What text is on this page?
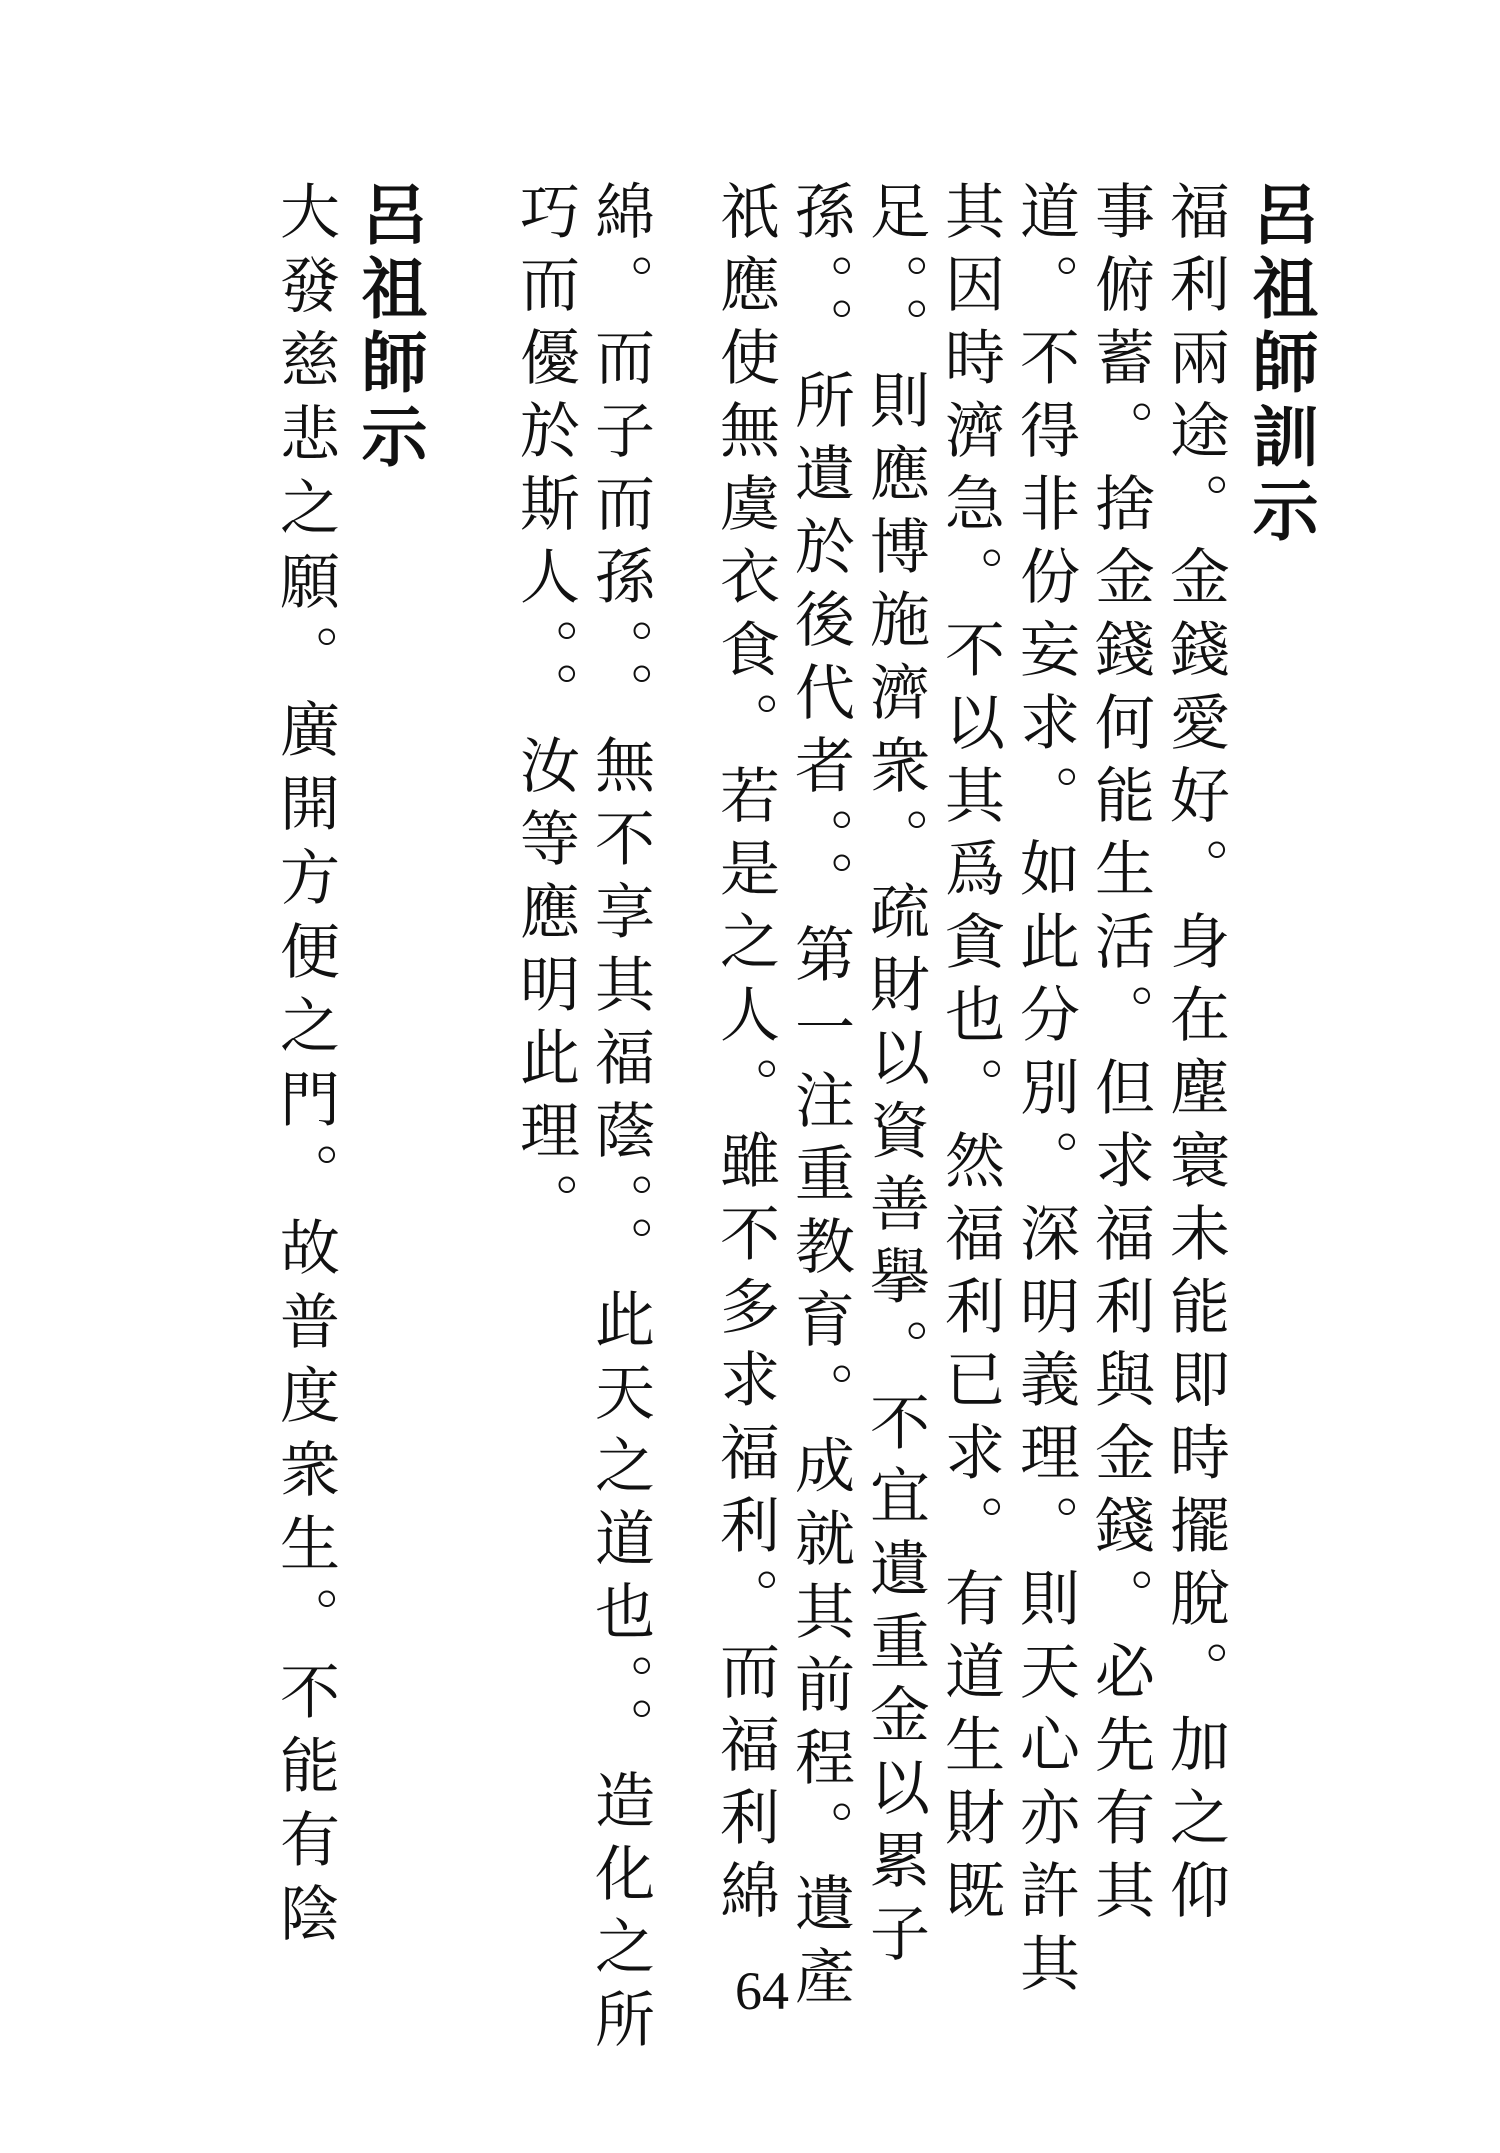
呂祖師訓示
福利兩途。金錢愛好。身在塵寰未能即時擺脫。加之仰
事俯蓄。捨金錢何能生活。但求福利與金錢。必先有其
道。不得非份妄求。如此分別。深明義理。則天心亦許其
其因時濟急。不以其爲貪也。然福利已求。有道生財既
足。。則應博施濟衆。疏財以資善擧。不宜遺重金以累子
孫。。所遺於後代者。。第一注重教育。成就其前程。遺產
祇應使無虞衣食。若是之人。雖不多求福利。而福利綿
綿。而子而孫。。無不享其福蔭。。此天之道也。。造化之所
巧而優於斯人。。汝等應明此理。
呂祖師示
大發慈悲之願。廣開方便之門。故普度衆生。不能有陰
64
